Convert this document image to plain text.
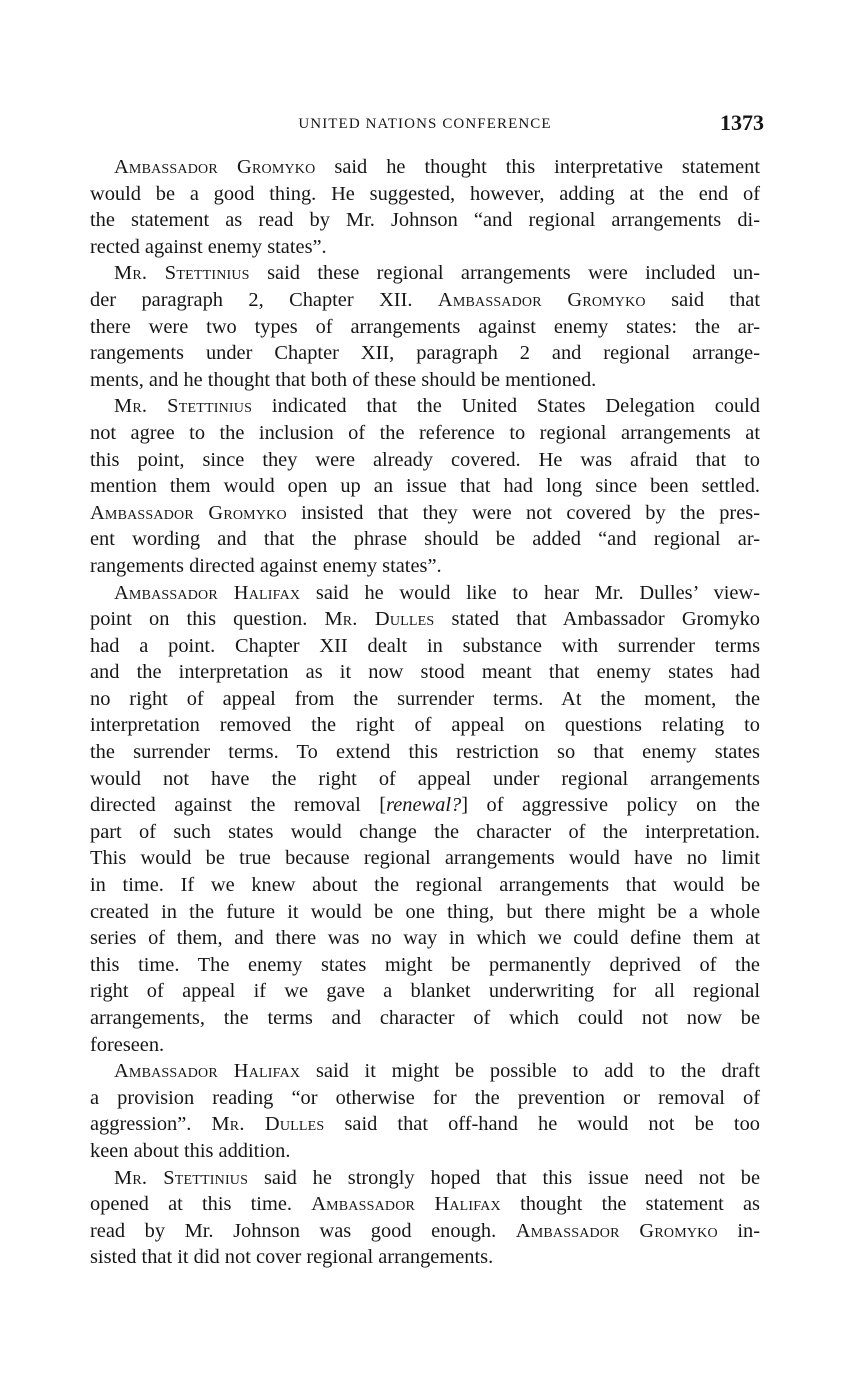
UNITED NATIONS CONFERENCE	1373
Ambassador Gromyko said he thought this interpretative statement
would be a good thing. He suggested, however, adding at the end of
the statement as read by Mr. Johnson “and regional arrangements di-
rected against enemy states”.
Mr. Stettinius said these regional arrangements were included un-
der paragraph 2, Chapter XII. Ambassador Gromyko said that
there were two types of arrangements against enemy states: the ar-
rangements under Chapter XII, paragraph 2 and regional arrange-
ments, and he thought that both of these should be mentioned.
Mr. Stettinius indicated that the United States Delegation could
not agree to the inclusion of the reference to regional arrangements at
this point, since they were already covered. He was afraid that to
mention them would open up an issue that had long since been settled.
Ambassador Gromyko insisted that they were not covered by the pres-
ent wording and that the phrase should be added “and regional ar-
rangements directed against enemy states”.
Ambassador Halifax said he would like to hear Mr. Dulles’ view-
point on this question. Mr. Dulles stated that Ambassador Gromyko
had a point. Chapter XII dealt in substance with surrender terms
and the interpretation as it now stood meant that enemy states had
no right of appeal from the surrender terms. At the moment, the
interpretation removed the right of appeal on questions relating to
the surrender terms. To extend this restriction so that enemy states
would not have the right of appeal under regional arrangements
directed against the removal [renewal?] of aggressive policy on the
part of such states would change the character of the interpretation.
This would be true because regional arrangements would have no limit
in time. If we knew about the regional arrangements that would be
created in the future it would be one thing, but there might be a whole
series of them, and there was no way in which we could define them at
this time. The enemy states might be permanently deprived of the
right of appeal if we gave a blanket underwriting for all regional
arrangements, the terms and character of which could not now be
foreseen.
Ambassador Halifax said it might be possible to add to the draft
a provision reading “or otherwise for the prevention or removal of
aggression”. Mr. Dulles said that off-hand he would not be too
keen about this addition.
Mr. Stettinius said he strongly hoped that this issue need not be
opened at this time. Ambassador Halifax thought the statement as
read by Mr. Johnson was good enough. Ambassador Gromyko in-
sisted that it did not cover regional arrangements.
